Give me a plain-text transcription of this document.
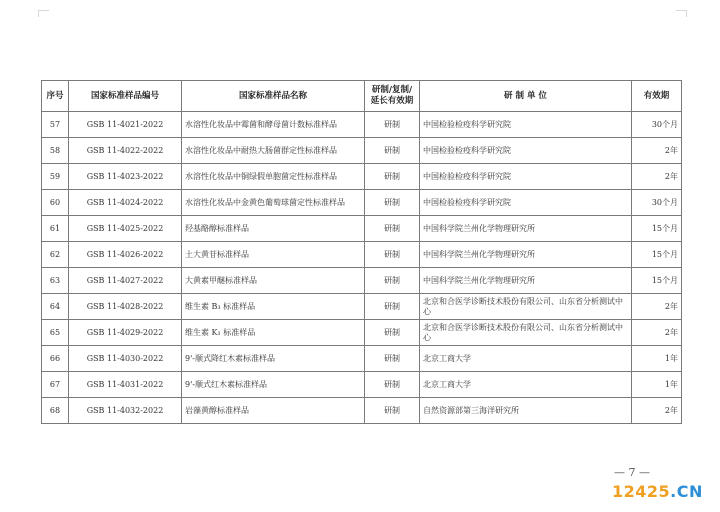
序号	国家标准样品编号	国家标准样品名称	研制/复制/延长有效期	研 制 单 位	有效期
57	GSB 11-4021-2022	水溶性化妆品中霉菌和酵母菌计数标准样品	研制	中国检验检疫科学研究院	30个月
58	GSB 11-4022-2022	水溶性化妆品中耐热大肠菌群定性标准样品	研制	中国检验检疫科学研究院	2年
59	GSB 11-4023-2022	水溶性化妆品中铜绿假单胞菌定性标准样品	研制	中国检验检疫科学研究院	2年
60	GSB 11-4024-2022	水溶性化妆品中金黄色葡萄球菌定性标准样品	研制	中国检验检疫科学研究院	30个月
61	GSB 11-4025-2022	羟基酪醇标准样品	研制	中国科学院兰州化学物理研究所	15个月
62	GSB 11-4026-2022	土大黄苷标准样品	研制	中国科学院兰州化学物理研究所	15个月
63	GSB 11-4027-2022	大黄素甲醚标准样品	研制	中国科学院兰州化学物理研究所	15个月
64	GSB 11-4028-2022	维生素 B₃ 标准样品	研制	北京和合医学诊断技术股份有限公司、山东省分析测试中心	2年
65	GSB 11-4029-2022	维生素 K₁ 标准样品	研制	北京和合医学诊断技术股份有限公司、山东省分析测试中心	2年
66	GSB 11-4030-2022	9'-顺式降红木素标准样品	研制	北京工商大学	1年
67	GSB 11-4031-2022	9'-顺式红木素标准样品	研制	北京工商大学	1年
68	GSB 11-4032-2022	岩藻黄醇标准样品	研制	自然资源部第三海洋研究所	2年
— 7 —
12425.CN
